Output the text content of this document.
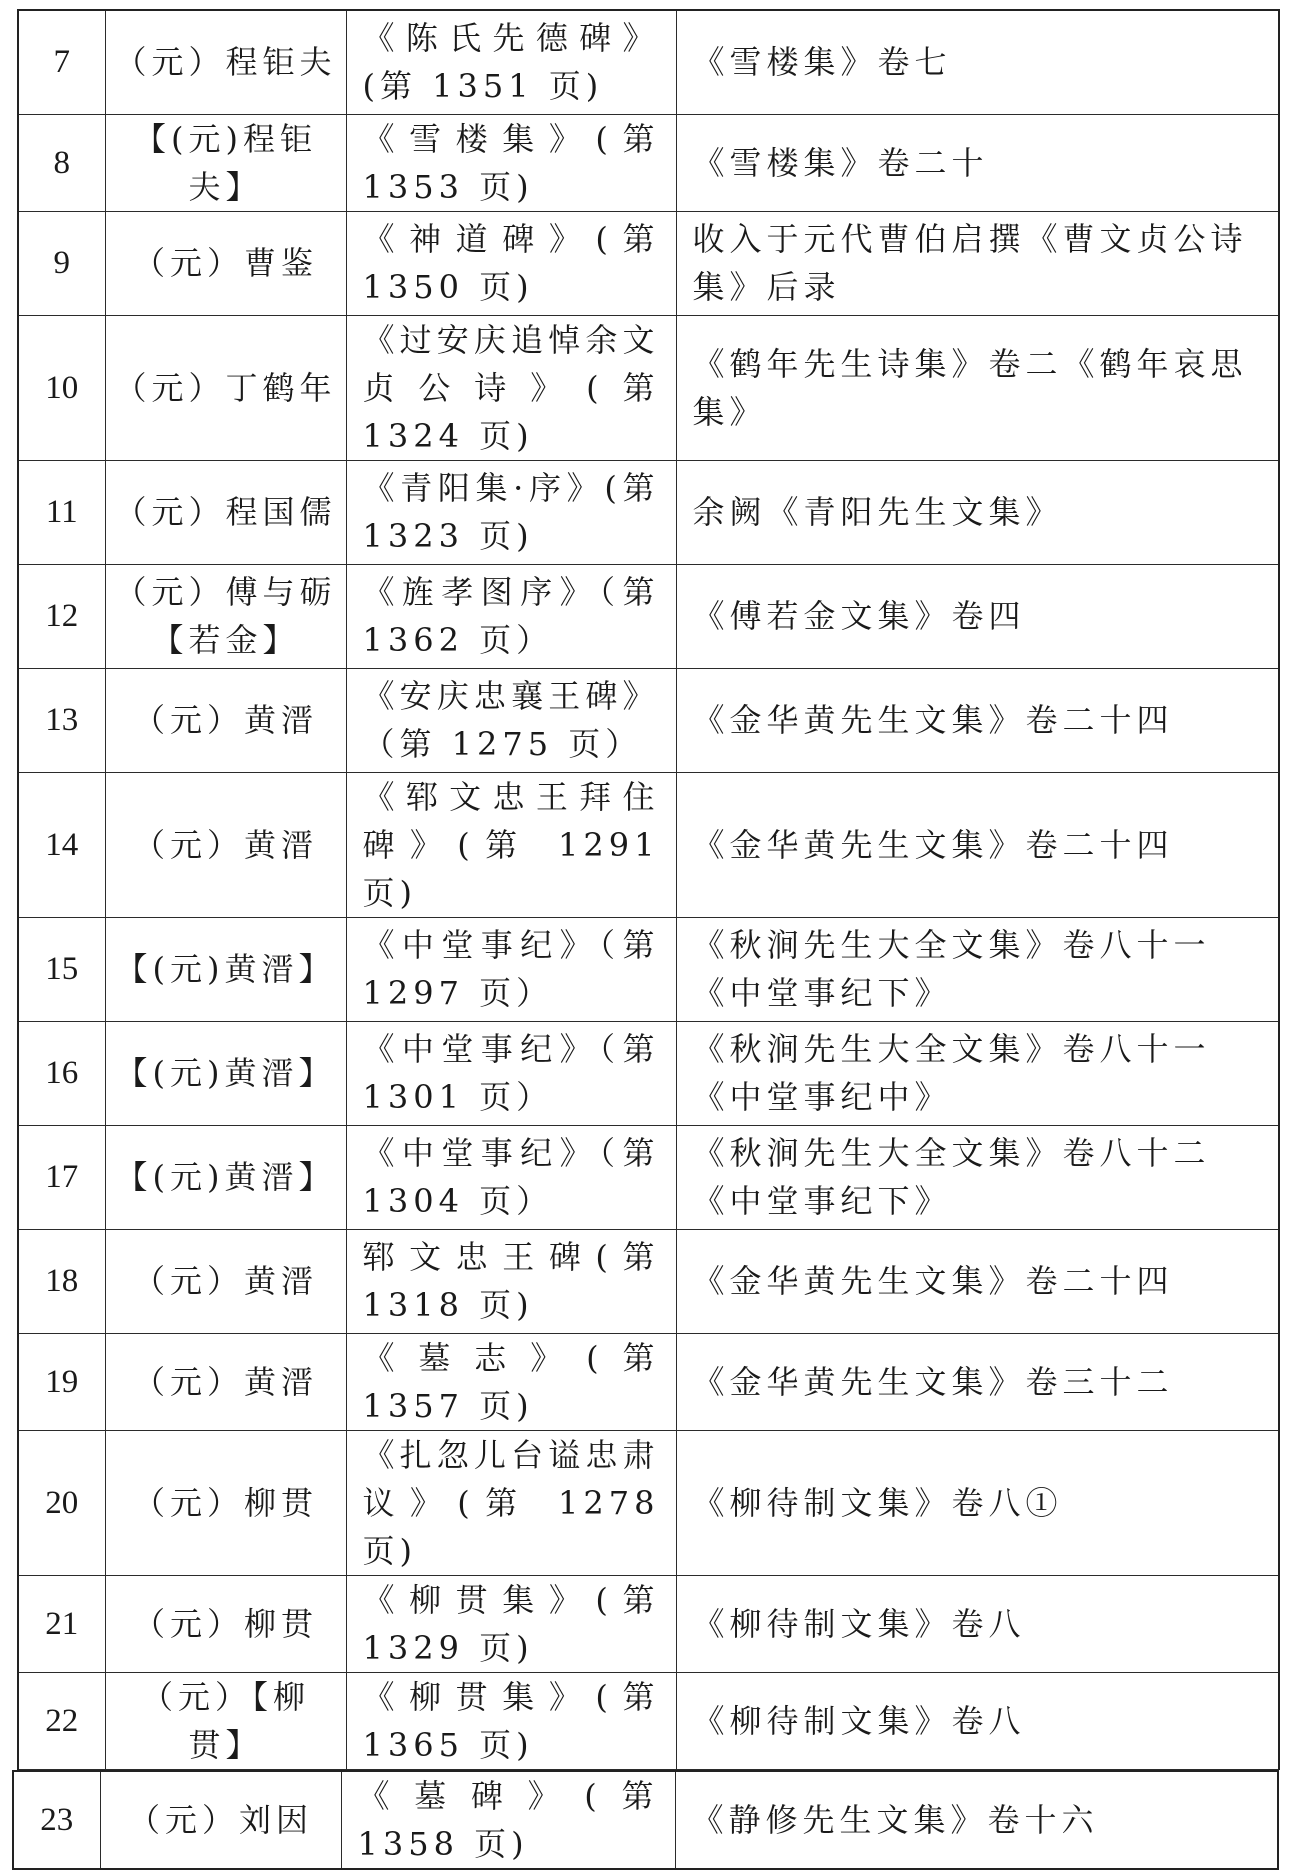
7	（元）程钜夫	《陈氏先德碑》(第 1351 页)	《雪楼集》卷七
8	【(元)程钜夫】	《雪楼集》(第 1353 页)	《雪楼集》卷二十
9	（元）曹鉴	《神道碑》(第 1350 页)	收入于元代曹伯启撰《曹文贞公诗集》后录
10	（元）丁鹤年	《过安庆追悼余文贞公诗》(第 1324 页)	《鹤年先生诗集》卷二《鹤年哀思集》
11	（元）程国儒	《青阳集·序》(第 1323 页)	余阙《青阳先生文集》
12	（元）傅与砺【若金】	《旌孝图序》（第 1362 页）	《傅若金文集》卷四
13	（元）黄溍	《安庆忠襄王碑》（第 1275 页）	《金华黄先生文集》卷二十四
14	（元）黄溍	《郓文忠王拜住碑》(第 1291 页)	《金华黄先生文集》卷二十四
15	【(元)黄溍】	《中堂事纪》（第 1297 页）	《秋涧先生大全文集》卷八十一《中堂事纪下》
16	【(元)黄溍】	《中堂事纪》（第 1301 页）	《秋涧先生大全文集》卷八十一《中堂事纪中》
17	【(元)黄溍】	《中堂事纪》（第 1304 页）	《秋涧先生大全文集》卷八十二《中堂事纪下》
18	（元）黄溍	郓文忠王碑(第 1318 页)	《金华黄先生文集》卷二十四
19	（元）黄溍	《墓志》(第 1357 页)	《金华黄先生文集》卷三十二
20	（元）柳贯	《扎忽儿台谥忠肃议》(第 1278 页)	《柳待制文集》卷八①
21	（元）柳贯	《柳贯集》(第 1329 页)	《柳待制文集》卷八
22	（元）【柳贯】	《柳贯集》(第 1365 页)	《柳待制文集》卷八
23	（元）刘因	《墓碑》(第 1358 页)	《静修先生文集》卷十六
